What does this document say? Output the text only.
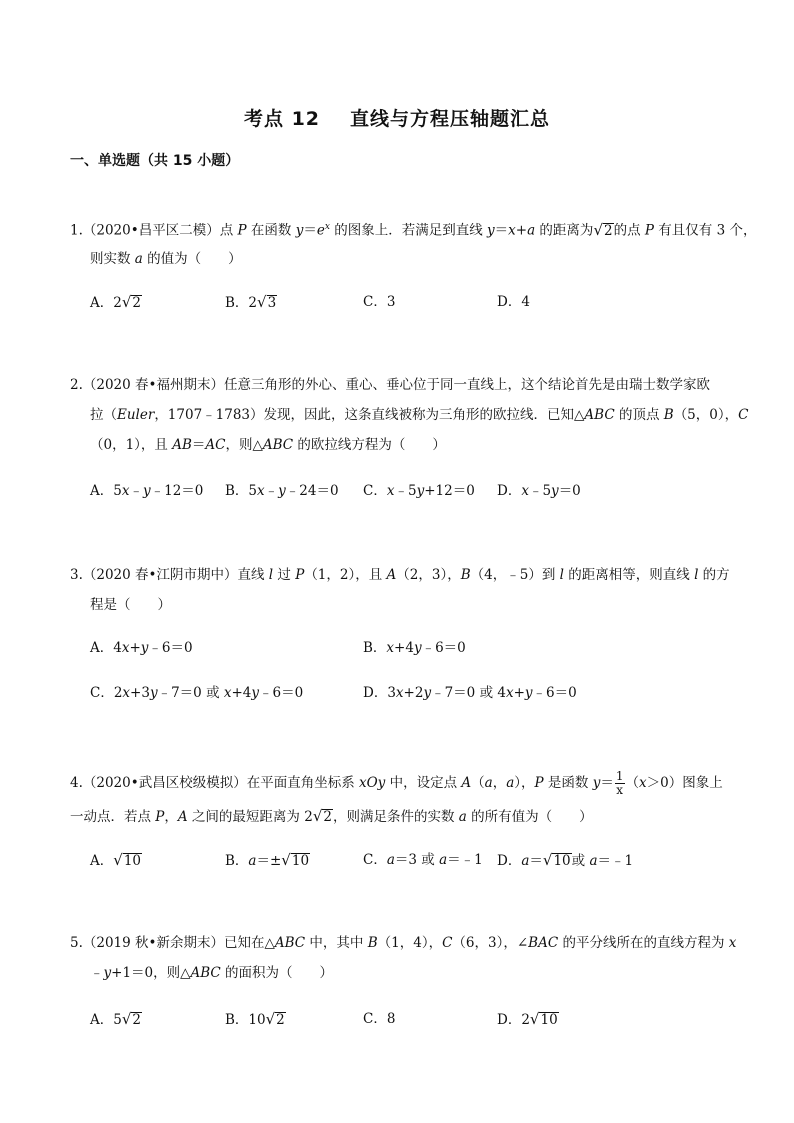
考点 12 直线与方程压轴题汇总
一、单选题（共 15 小题）
1.（2020•昌平区二模）点 P 在函数 $y=e^x$ 的图象上．若满足到直线 y＝x+a 的距离为√2的点 P 有且仅有 3 个，
则实数 a 的值为（　　）
A．2√2	B．2√3	C．3	D．4
2.（2020 春•福州期末）任意三角形的外心、重心、垂心位于同一直线上，这个结论首先是由瑞士数学家欧
拉（Euler，1707﹣1783）发现，因此，这条直线被称为三角形的欧拉线．已知△ABC 的顶点 B（5，0），C
（0，1），且 AB＝AC，则△ABC 的欧拉线方程为（　　）
A．5x﹣y﹣12＝0 B．5x﹣y﹣24＝0 C．x﹣5y+12＝0 D．x﹣5y＝0
3.（2020 春•江阴市期中）直线 l 过 P（1，2），且 A（2，3），B（4，﹣5）到 l 的距离相等，则直线 l 的方
程是（　　）
A．4x+y﹣6＝0	B．x+4y﹣6＝0
C．2x+3y﹣7＝0 或 x+4y﹣6＝0	D．3x+2y﹣7＝0 或 4x+y﹣6＝0
4.（2020•武昌区校级模拟）在平面直角坐标系 xOy 中，设定点 A（a，a），P 是函数 $y= \frac{1}{x} (x>0)$图象上
一动点．若点 P，A 之间的最短距离为 2√2，则满足条件的实数 a 的所有值为（　　）
A．√10	B．a＝±√10	C．a＝3 或 a＝﹣1 D．a＝√10或 a＝﹣1
5.（2019 秋•新余期末）已知在△ABC 中，其中 B（1，4），C（6，3），∠BAC 的平分线所在的直线方程为 x
﹣y+1＝0，则△ABC 的面积为（　　）
A．5√2	B．10√2	C．8	D．2√10
